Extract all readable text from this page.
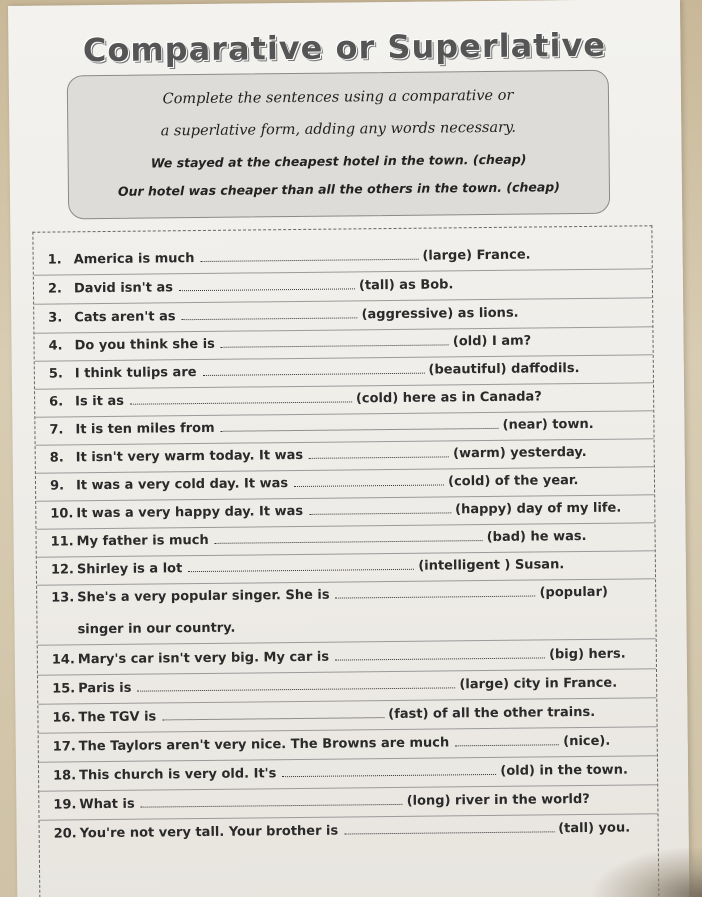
Comparative or Superlative
Complete the sentences using a comparative or
a superlative form, adding any words necessary.
We stayed at the cheapest hotel in the town. (cheap)
Our hotel was cheaper than all the others in the town. (cheap)
1. America is much	(large) France.
2. David isn't as	(tall) as Bob.
3. Cats aren't as	(aggressive) as lions.
4. Do you think she is	(old) I am?
5. I think tulips are	(beautiful) daffodils.
6. Is it as	(cold) here as in Canada?
7. It is ten miles from	(near) town.
8. It isn't very warm today. It was	(warm) yesterday.
9. It was a very cold day. It was	(cold) of the year.
10. It was a very happy day. It was	(happy) day of my life.
11. My father is much	(bad) he was.
12. Shirley is a lot	(intelligent ) Susan.
13. She's a very popular singer. She is	(popular)
singer in our country.
14. Mary's car isn't very big. My car is	(big) hers.
15. Paris is	(large) city in France.
16. The TGV is	(fast) of all the other trains.
17. The Taylors aren't very nice. The Browns are much	(nice).
18. This church is very old. It's	(old) in the town.
19. What is	(long) river in the world?
20. You're not very tall. Your brother is	(tall) you.
